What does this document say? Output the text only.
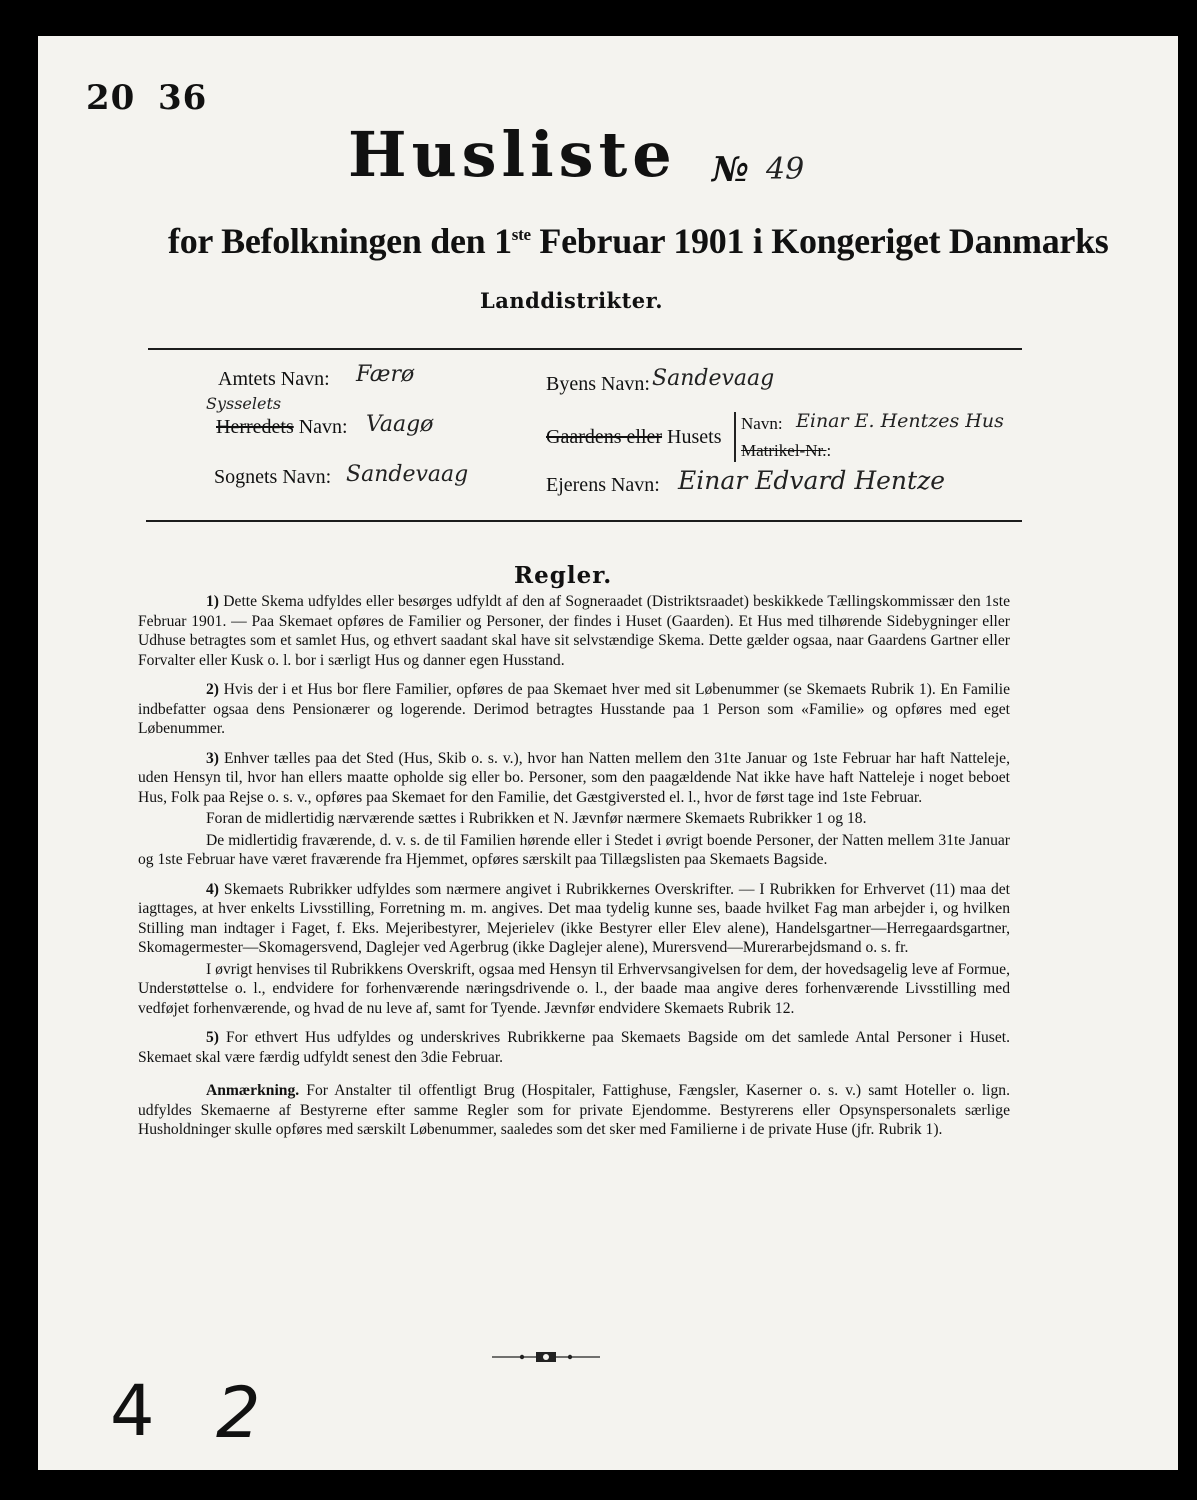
20 36
Husliste № 49
for Befolkningen den 1ste Februar 1901 i Kongeriget Danmarks
Landdistrikter.
Amtets Navn: Færø
Sysselets
Herredets Navn: Vaagø
Sognets Navn: Sandevaag
Byens Navn: Sandevaag
Gaardens eller Husets
Navn: Einar E. Hentzes Hus
Matrikel-Nr.:
Ejerens Navn: Einar Edvard Hentze
Regler.

1) Dette Skema udfyldes eller besørges udfyldt af den af Sogneraadet (Distriktsraadet) beskikkede Tællingskommissær den 1ste Februar 1901. — Paa Skemaet opføres de Familier og Personer, der findes i Huset (Gaarden). Et Hus med tilhørende Sidebygninger eller Udhuse betragtes som et samlet Hus, og ethvert saadant skal have sit selvstændige Skema. Dette gælder ogsaa, naar Gaardens Gartner eller Forvalter eller Kusk o. l. bor i særligt Hus og danner egen Husstand.

2) Hvis der i et Hus bor flere Familier, opføres de paa Skemaet hver med sit Løbenummer (se Skemaets Rubrik 1). En Familie indbefatter ogsaa dens Pensionærer og logerende. Derimod betragtes Husstande paa 1 Person som «Familie» og opføres med eget Løbenummer.

3) Enhver tælles paa det Sted (Hus, Skib o. s. v.), hvor han Natten mellem den 31te Januar og 1ste Februar har haft Natteleje, uden Hensyn til, hvor han ellers maatte opholde sig eller bo. Personer, som den paagældende Nat ikke have haft Natteleje i noget beboet Hus, Folk paa Rejse o. s. v., opføres paa Skemaet for den Familie, det Gæstgiversted el. l., hvor de først tage ind 1ste Februar.

Foran de midlertidig nærværende sættes i Rubrikken et N. Jævnfør nærmere Skemaets Rubrikker 1 og 18.

De midlertidig fraværende, d. v. s. de til Familien hørende eller i Stedet i øvrigt boende Personer, der Natten mellem 31te Januar og 1ste Februar have været fraværende fra Hjemmet, opføres særskilt paa Tillægslisten paa Skemaets Bagside.

4) Skemaets Rubrikker udfyldes som nærmere angivet i Rubrikkernes Overskrifter. — I Rubrikken for Erhvervet (11) maa det iagttages, at hver enkelts Livsstilling, Forretning m. m. angives. Det maa tydelig kunne ses, baade hvilket Fag man arbejder i, og hvilken Stilling man indtager i Faget, f. Eks. Mejeribestyrer, Mejerielev (ikke Bestyrer eller Elev alene), Handelsgartner—Herregaardsgartner, Skomagermester—Skomagersvend, Daglejer ved Agerbrug (ikke Daglejer alene), Murersvend—Murerarbejdsmand o. s. fr.

I øvrigt henvises til Rubrikkens Overskrift, ogsaa med Hensyn til Erhvervsangivelsen for dem, der hovedsagelig leve af Formue, Understøttelse o. l., endvidere for forhenværende næringsdrivende o. l., der baade maa angive deres forhenværende Livsstilling med vedføjet forhenværende, og hvad de nu leve af, samt for Tyende. Jævnfør endvidere Skemaets Rubrik 12.

5) For ethvert Hus udfyldes og underskrives Rubrikkerne paa Skemaets Bagside om det samlede Antal Personer i Huset. Skemaet skal være færdig udfyldt senest den 3die Februar.

Anmærkning. For Anstalter til offentligt Brug (Hospitaler, Fattighuse, Fængsler, Kaserner o. s. v.) samt Hoteller o. lign. udfyldes Skemaerne af Bestyrerne efter samme Regler som for private Ejendomme. Bestyrerens eller Opsynspersonalets særlige Husholdninger skulle opføres med særskilt Løbenummer, saaledes som det sker med Familierne i de private Huse (jfr. Rubrik 1).

4 2
